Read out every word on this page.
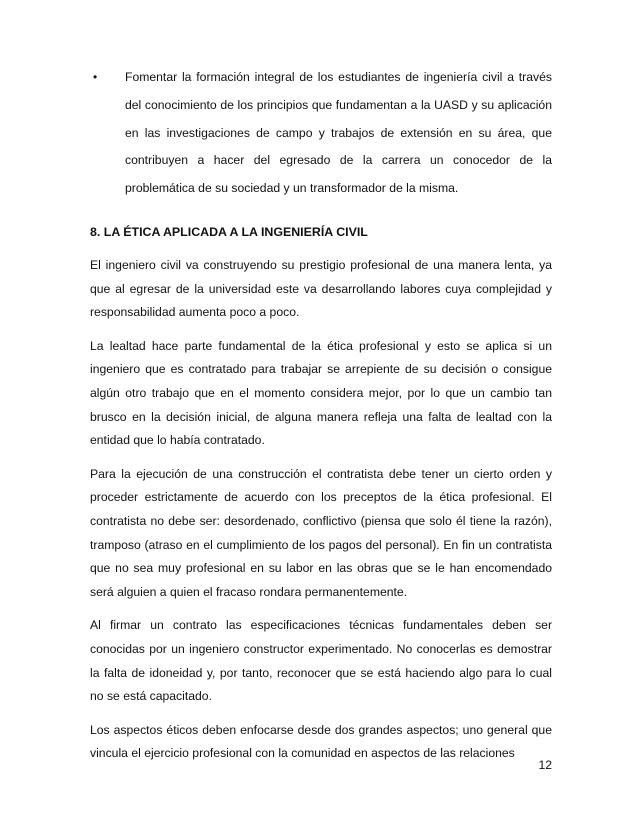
• Fomentar la formación integral de los estudiantes de ingeniería civil a través del conocimiento de los principios que fundamentan a la UASD y su aplicación en las investigaciones de campo y trabajos de extensión en su área, que contribuyen a hacer del egresado de la carrera un conocedor de la problemática de su sociedad y un transformador de la misma.
8. LA ÉTICA APLICADA A LA INGENIERÍA CIVIL

El ingeniero civil va construyendo su prestigio profesional de una manera lenta, ya que al egresar de la universidad este va desarrollando labores cuya complejidad y responsabilidad aumenta poco a poco.

La lealtad hace parte fundamental de la ética profesional y esto se aplica si un ingeniero que es contratado para trabajar se arrepiente de su decisión o consigue algún otro trabajo que en el momento considera mejor, por lo que un cambio tan brusco en la decisión inicial, de alguna manera refleja una falta de lealtad con la entidad que lo había contratado.

Para la ejecución de una construcción el contratista debe tener un cierto orden y proceder estrictamente de acuerdo con los preceptos de la ética profesional. El contratista no debe ser: desordenado, conflictivo (piensa que solo él tiene la razón), tramposo (atraso en el cumplimiento de los pagos del personal). En fin un contratista que no sea muy profesional en su labor en las obras que se le han encomendado será alguien a quien el fracaso rondara permanentemente.

Al firmar un contrato las especificaciones técnicas fundamentales deben ser conocidas por un ingeniero constructor experimentado. No conocerlas es demostrar la falta de idoneidad y, por tanto, reconocer que se está haciendo algo para lo cual no se está capacitado.

Los aspectos éticos deben enfocarse desde dos grandes aspectos; uno general que vincula el ejercicio profesional con la comunidad en aspectos de las relaciones

12
